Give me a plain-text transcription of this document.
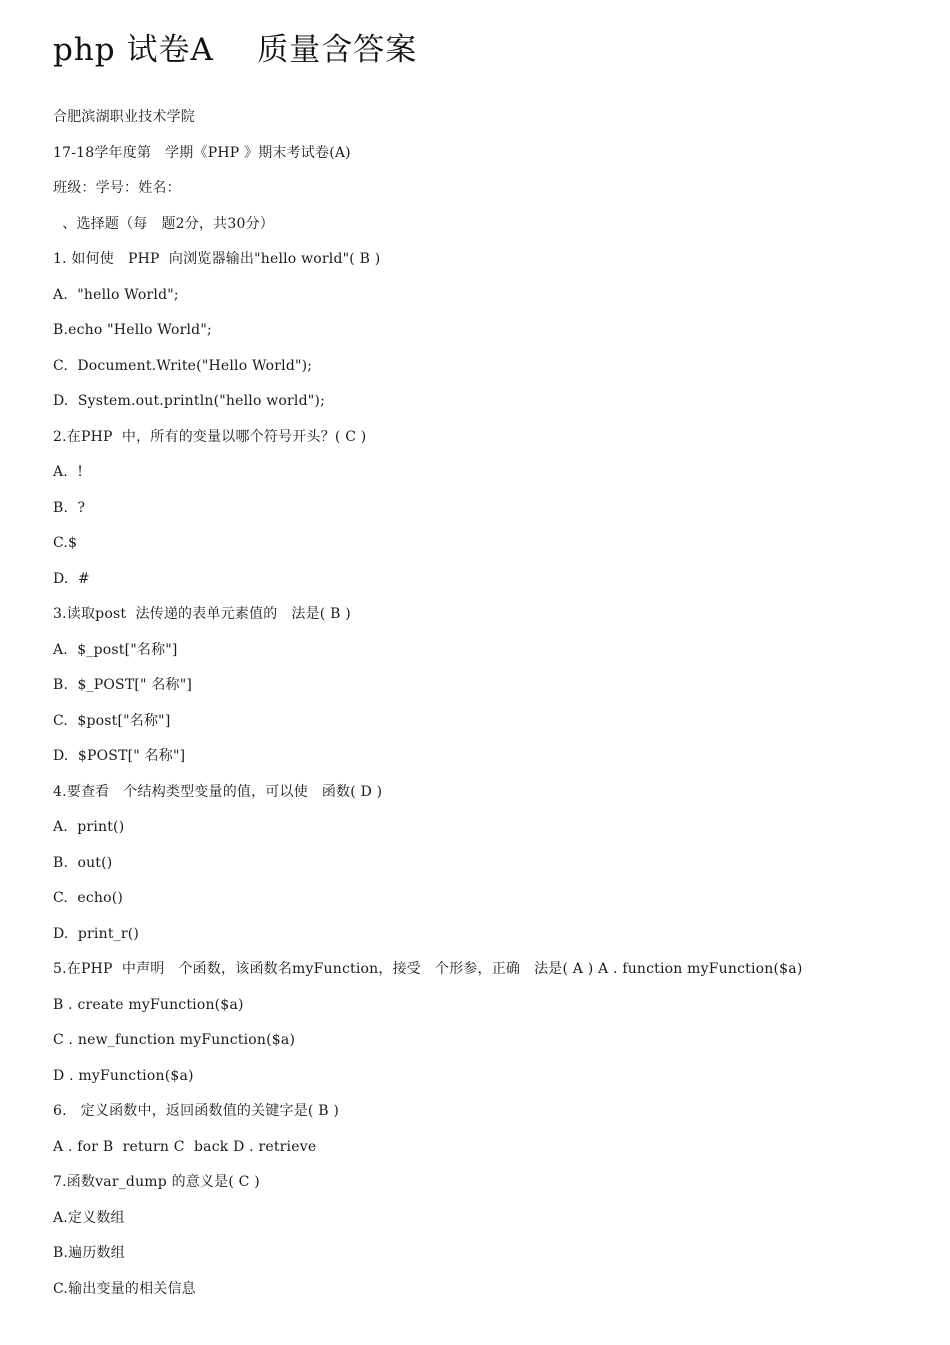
php 试卷A    质量含答案
合肥滨湖职业技术学院
17-18学年度第   学期《PHP 》期末考试卷(A)
班级：学号：姓名：
、选择题（每   题2分，共30分）
1. 如何使   PHP  向浏览器输出"hello world"( B )
A.  "hello World";
B.echo "Hello World";
C.  Document.Write("Hello World");
D.  System.out.println("hello world");
2.在PHP  中，所有的变量以哪个符号开头？( C )
A.  !
B.  ?
C.$
D.  #
3.读取post  法传递的表单元素值的   法是( B )
A.  $_post["名称"]
B.  $_POST[" 名称"]
C.  $post["名称"]
D.  $POST[" 名称"]
4.要查看   个结构类型变量的值，可以使   函数( D )
A.  print()
B.  out()
C.  echo()
D.  print_r()
5.在PHP  中声明   个函数，该函数名myFunction，接受   个形参，正确   法是( A ) A . function myFunction($a)
B . create myFunction($a)
C . new_function myFunction($a)
D . myFunction($a)
6.   定义函数中，返回函数值的关键字是( B )
A . for B  return C  back D . retrieve
7.函数var_dump 的意义是( C )
A.定义数组
B.遍历数组
C.输出变量的相关信息
